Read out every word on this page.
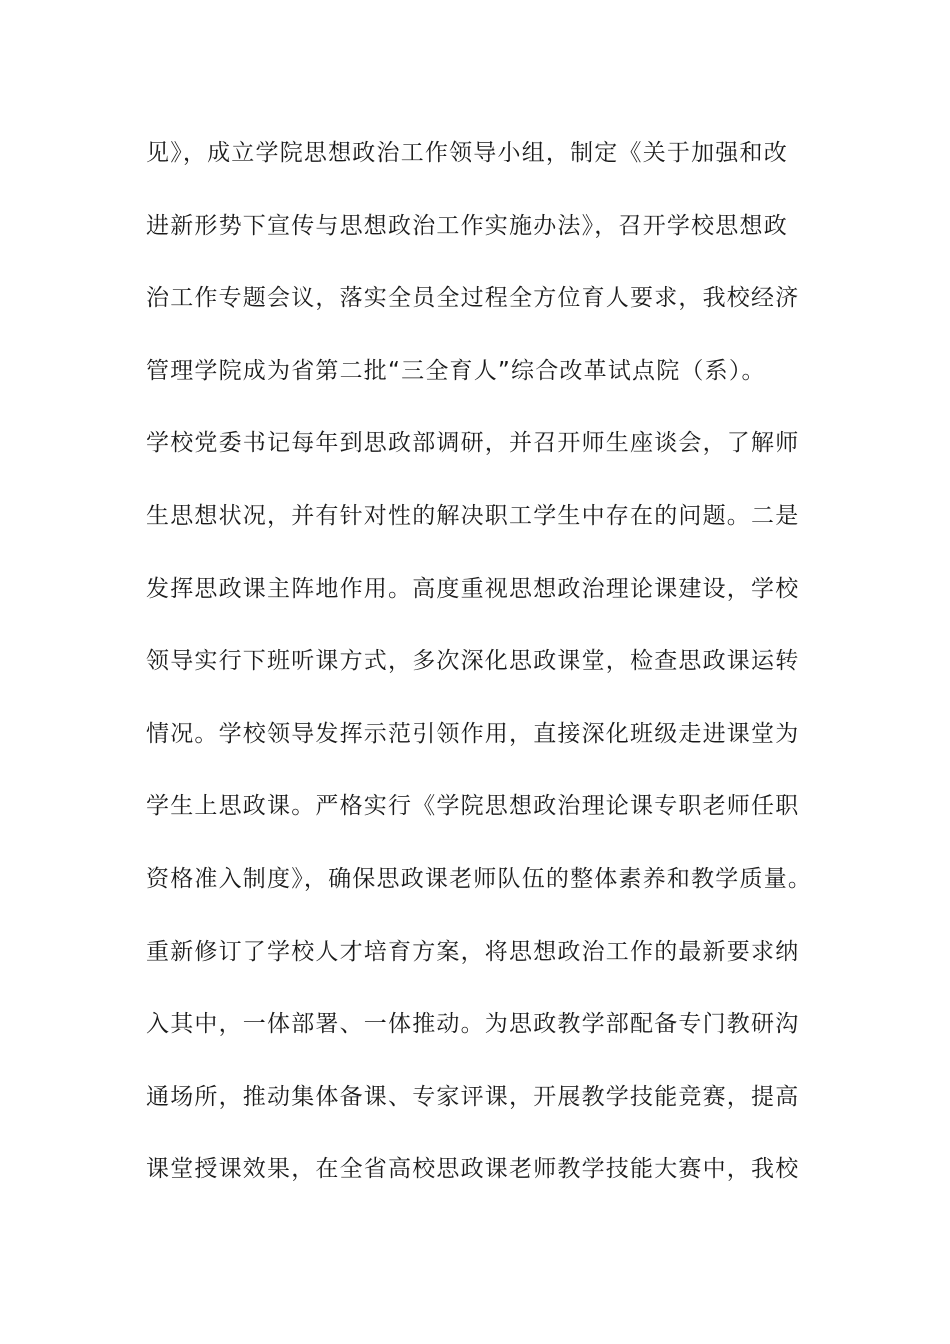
见》，成立学院思想政治工作领导小组，制定《关于加强和改
进新形势下宣传与思想政治工作实施办法》，召开学校思想政
治工作专题会议，落实全员全过程全方位育人要求，我校经济
管理学院成为省第二批“三全育人”综合改革试点院（系）。
学校党委书记每年到思政部调研，并召开师生座谈会，了解师
生思想状况，并有针对性的解决职工学生中存在的问题。二是
发挥思政课主阵地作用。高度重视思想政治理论课建设，学校
领导实行下班听课方式，多次深化思政课堂，检查思政课运转
情况。学校领导发挥示范引领作用，直接深化班级走进课堂为
学生上思政课。严格实行《学院思想政治理论课专职老师任职
资格准入制度》，确保思政课老师队伍的整体素养和教学质量。
重新修订了学校人才培育方案，将思想政治工作的最新要求纳
入其中，一体部署、一体推动。为思政教学部配备专门教研沟
通场所，推动集体备课、专家评课，开展教学技能竞赛，提高
课堂授课效果，在全省高校思政课老师教学技能大赛中，我校
